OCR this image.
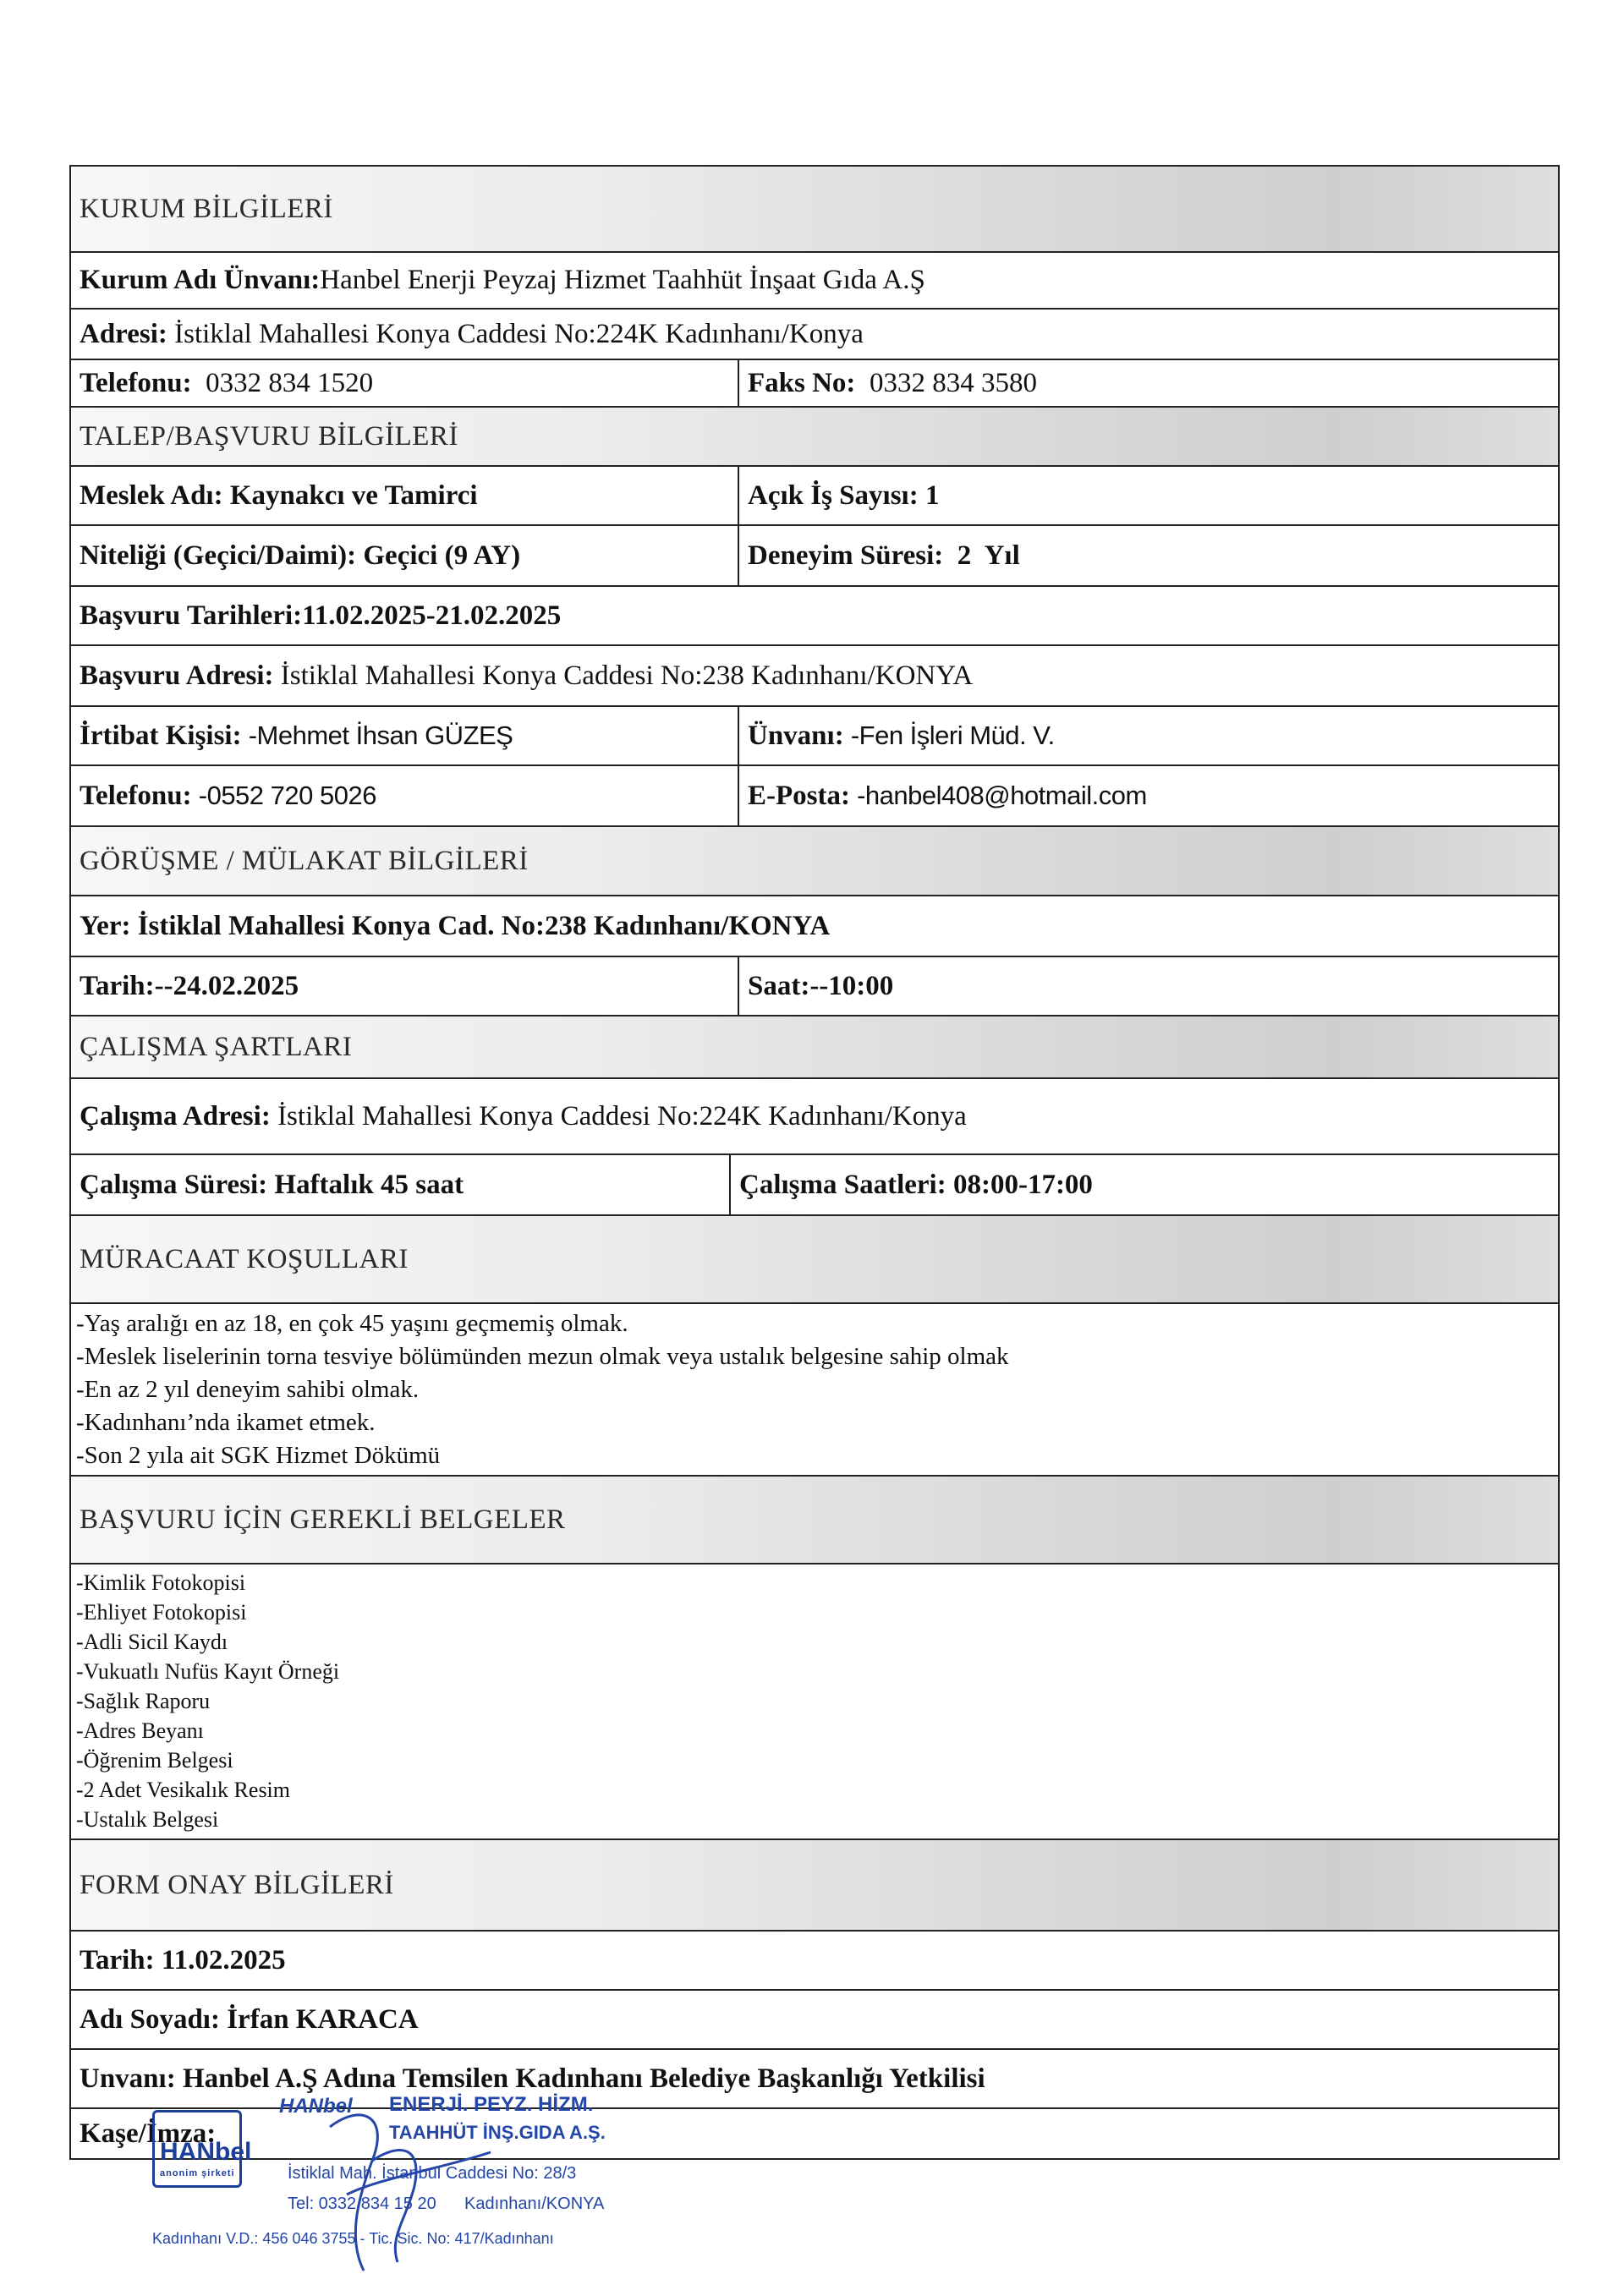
KURUM BİLGİLERİ
Kurum Adı Ünvanı: Hanbel Enerji Peyzaj Hizmet Taahhüt İnşaat Gıda A.Ş
Adresi: İstiklal Mahallesi Konya Caddesi No:224K Kadınhanı/Konya
Telefonu: 0332 834 1520	Faks No: 0332 834 3580
TALEP/BAŞVURU BİLGİLERİ
Meslek Adı: Kaynakcı ve Tamirci	Açık İş Sayısı: 1
Niteliği (Geçici/Daimi): Geçici (9 AY)	Deneyim Süresi:  2  Yıl
Başvuru Tarihleri:11.02.2025-21.02.2025
Başvuru Adresi: İstiklal Mahallesi Konya Caddesi No:238 Kadınhanı/KONYA
İrtibat Kişisi: -Mehmet İhsan GÜZEŞ	Ünvanı: -Fen İşleri Müd. V.
Telefonu: -0552 720 5026	E-Posta: -hanbel408@hotmail.com
GÖRÜŞME / MÜLAKAT BİLGİLERİ
Yer: İstiklal Mahallesi Konya Cad. No:238 Kadınhanı/KONYA
Tarih:--24.02.2025	Saat:--10:00
ÇALIŞMA ŞARTLARI
Çalışma Adresi: İstiklal Mahallesi Konya Caddesi No:224K Kadınhanı/Konya
Çalışma Süresi: Haftalık 45 saat	Çalışma Saatleri: 08:00-17:00
MÜRACAAT KOŞULLARI
-Yaş aralığı en az 18, en çok 45 yaşını geçmemiş olmak.
-Meslek liselerinin torna tesviye bölümünden mezun olmak veya ustalık belgesine sahip olmak
-En az 2 yıl deneyim sahibi olmak.
-Kadınhanı’nda ikamet etmek.
-Son 2 yıla ait SGK Hizmet Dökümü
BAŞVURU İÇİN GEREKLİ BELGELER
-Kimlik Fotokopisi
-Ehliyet Fotokopisi
-Adli Sicil Kaydı
-Vukuatlı Nufüs Kayıt Örneği
-Sağlık Raporu
-Adres Beyanı
-Öğrenim Belgesi
-2 Adet Vesikalık Resim
-Ustalık Belgesi
FORM ONAY BİLGİLERİ
Tarih: 11.02.2025
Adı Soyadı: İrfan KARACA
Unvanı: Hanbel A.Ş Adına Temsilen Kadınhanı Belediye Başkanlığı Yetkilisi
Kaşe/İmza:
HANbel
anonim şirketi
HANbel ENERJİ. PEYZ. HİZM.
TAAHHÜT İNŞ.GIDA A.Ş.
İstiklal Mah. İstanbul Caddesi No: 28/3
Tel: 0332 834 15 20      Kadınhanı/KONYA
Kadınhanı V.D.: 456 046 3755 - Tic. Sic. No: 417/Kadınhanı
